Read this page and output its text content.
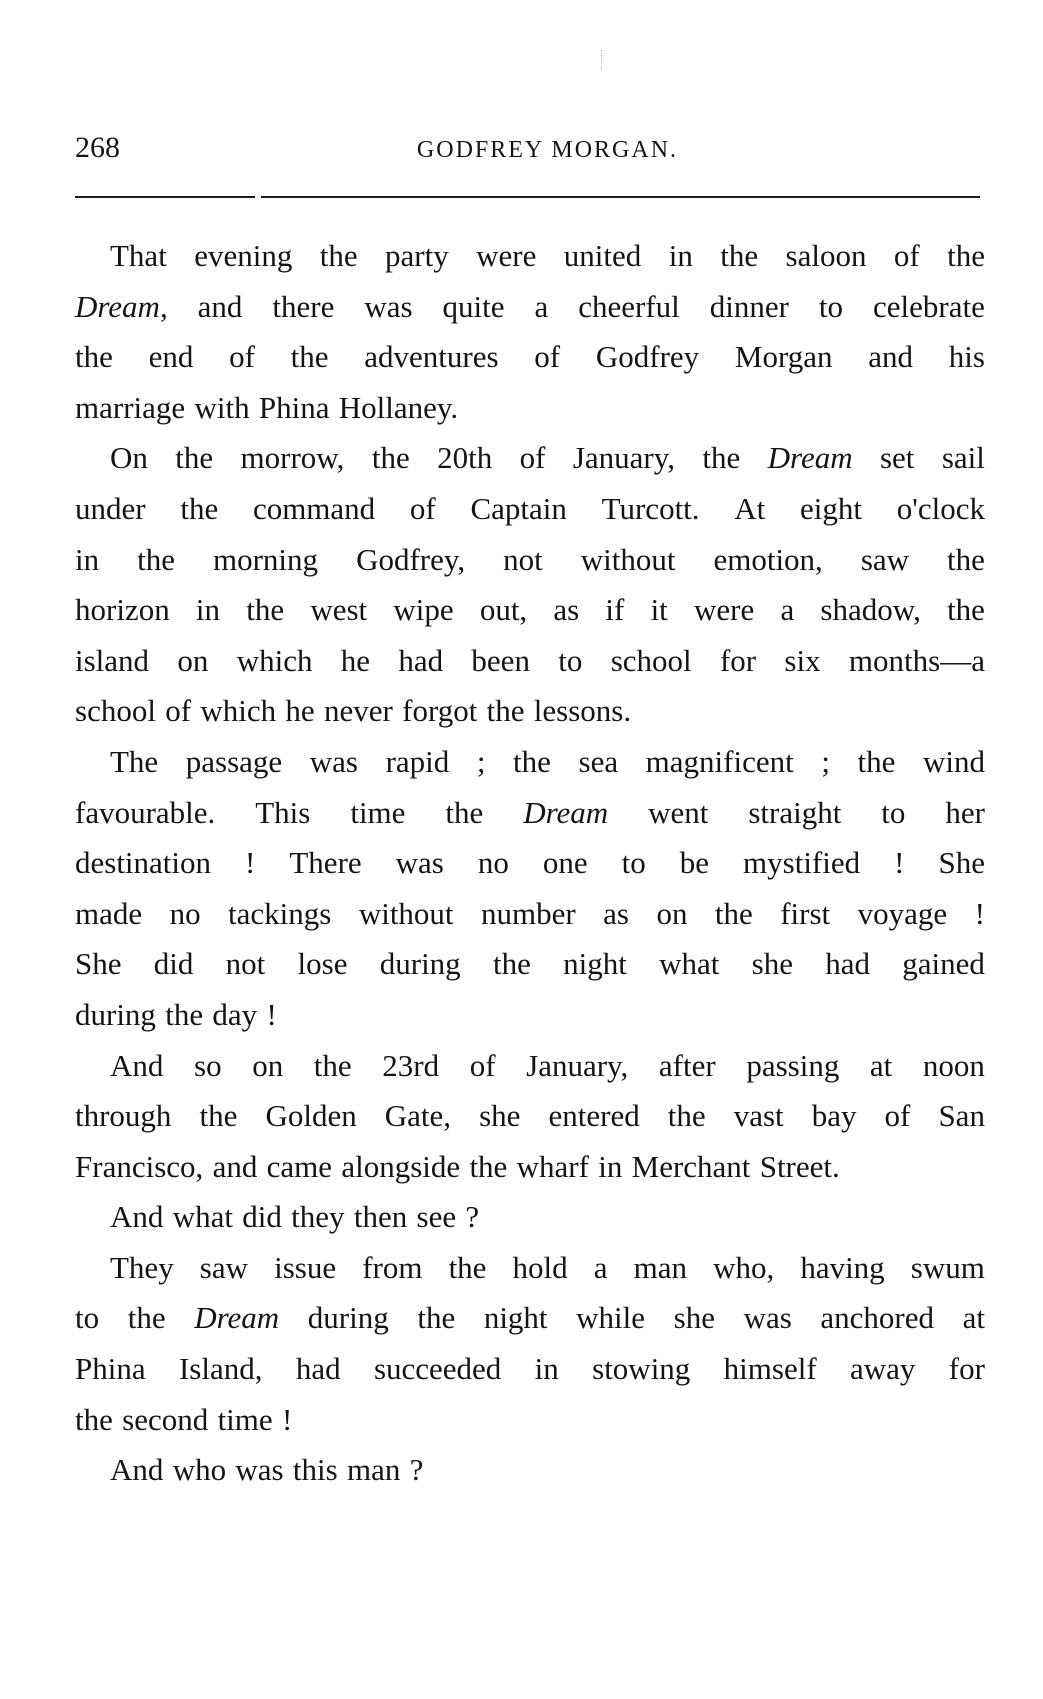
268	GODFREY MORGAN.

That evening the party were united in the saloon of the
Dream, and there was quite a cheerful dinner to celebrate
the end of the adventures of Godfrey Morgan and his
marriage with Phina Hollaney.

On the morrow, the 20th of January, the Dream set sail
under the command of Captain Turcott. At eight o'clock
in the morning Godfrey, not without emotion, saw the
horizon in the west wipe out, as if it were a shadow, the
island on which he had been to school for six months—a
school of which he never forgot the lessons.

The passage was rapid ; the sea magnificent ; the wind
favourable. This time the Dream went straight to her
destination ! There was no one to be mystified ! She
made no tackings without number as on the first voyage !
She did not lose during the night what she had gained
during the day !

And so on the 23rd of January, after passing at noon
through the Golden Gate, she entered the vast bay of San
Francisco, and came alongside the wharf in Merchant Street.

And what did they then see ?

They saw issue from the hold a man who, having swum
to the Dream during the night while she was anchored at
Phina Island, had succeeded in stowing himself away for
the second time !

And who was this man ?
